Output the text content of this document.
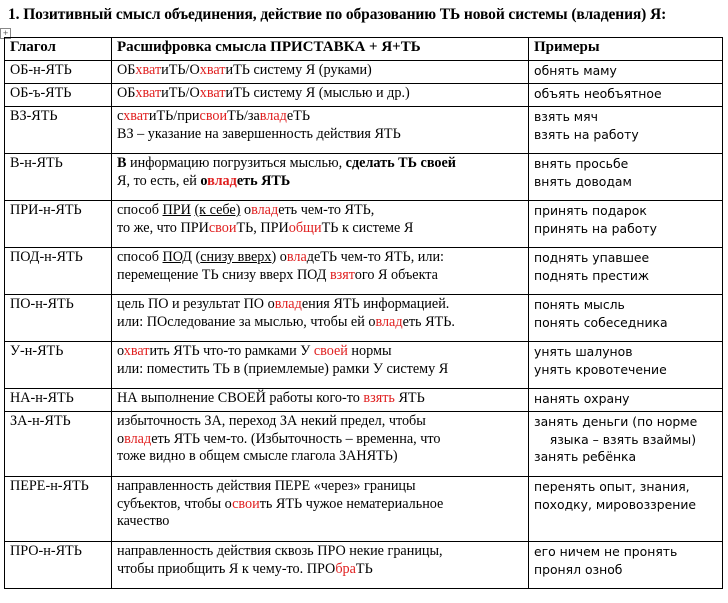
1. Позитивный смысл объединения, действие по образованию ТЬ новой системы (владения) Я:
+
Глагол	Расшифровка смысла ПРИСТАВКА + Я+ТЬ	Примеры
ОБ-н-ЯТЬ	ОБхватиТЬ/ОхватиТЬ систему Я (руками)	обнять маму

ОБ-ъ-ЯТЬ	ОБхватиТЬ/ОхватиТЬ систему Я (мыслью и др.)	объять необъятное

ВЗ-ЯТЬ	схватиТЬ/присвоиТЬ/завладеТЬ
ВЗ – указание на завершенность действия ЯТЬ	взять мяч
взять на работу

В-н-ЯТЬ	В информацию погрузиться мыслью, сделать ТЬ своей
Я, то есть, ей овладеть ЯТЬ	внять просьбе
внять доводам

ПРИ-н-ЯТЬ	способ ПРИ (к себе) овладеть чем-то ЯТЬ,
то же, что ПРИсвоиТЬ, ПРИобщиТЬ к системе Я	принять подарок
принять на работу

ПОД-н-ЯТЬ	способ ПОД (снизу вверх) овладеТЬ чем-то ЯТЬ, или:
перемещение ТЬ снизу вверх ПОД взятого Я объекта	поднять упавшее
поднять престиж

ПО-н-ЯТЬ	цель ПО и результат ПО овладения ЯТЬ информацией.
или: ПОследование за мыслью, чтобы ей овладеть ЯТЬ.	понять мысль
понять собеседника

У-н-ЯТЬ	охватить ЯТЬ что-то рамками У своей нормы
или: поместить ТЬ в (приемлемые) рамки У систему Я	унять шалунов
унять кровотечение

НА-н-ЯТЬ	НА выполнение СВОЕЙ работы кого-то взять ЯТЬ	нанять охрану

ЗА-н-ЯТЬ	избыточность ЗА, переход ЗА некий предел, чтобы
овладеть ЯТЬ чем-то. (Избыточность – временна, что
тоже видно в общем смысле глагола ЗАНЯТЬ)	занять деньги (по норме
языка – взять взаймы)
занять ребёнка

ПЕРЕ-н-ЯТЬ	направленность действия ПЕРЕ «через» границы
субъектов, чтобы освоить ЯТЬ чужое нематериальное
качество	перенять опыт, знания,
походку, мировоззрение

ПРО-н-ЯТЬ	направленность действия сквозь ПРО некие границы,
чтобы приобщить Я к чему-то. ПРОбраТЬ	его ничем не пронять
пронял озноб
